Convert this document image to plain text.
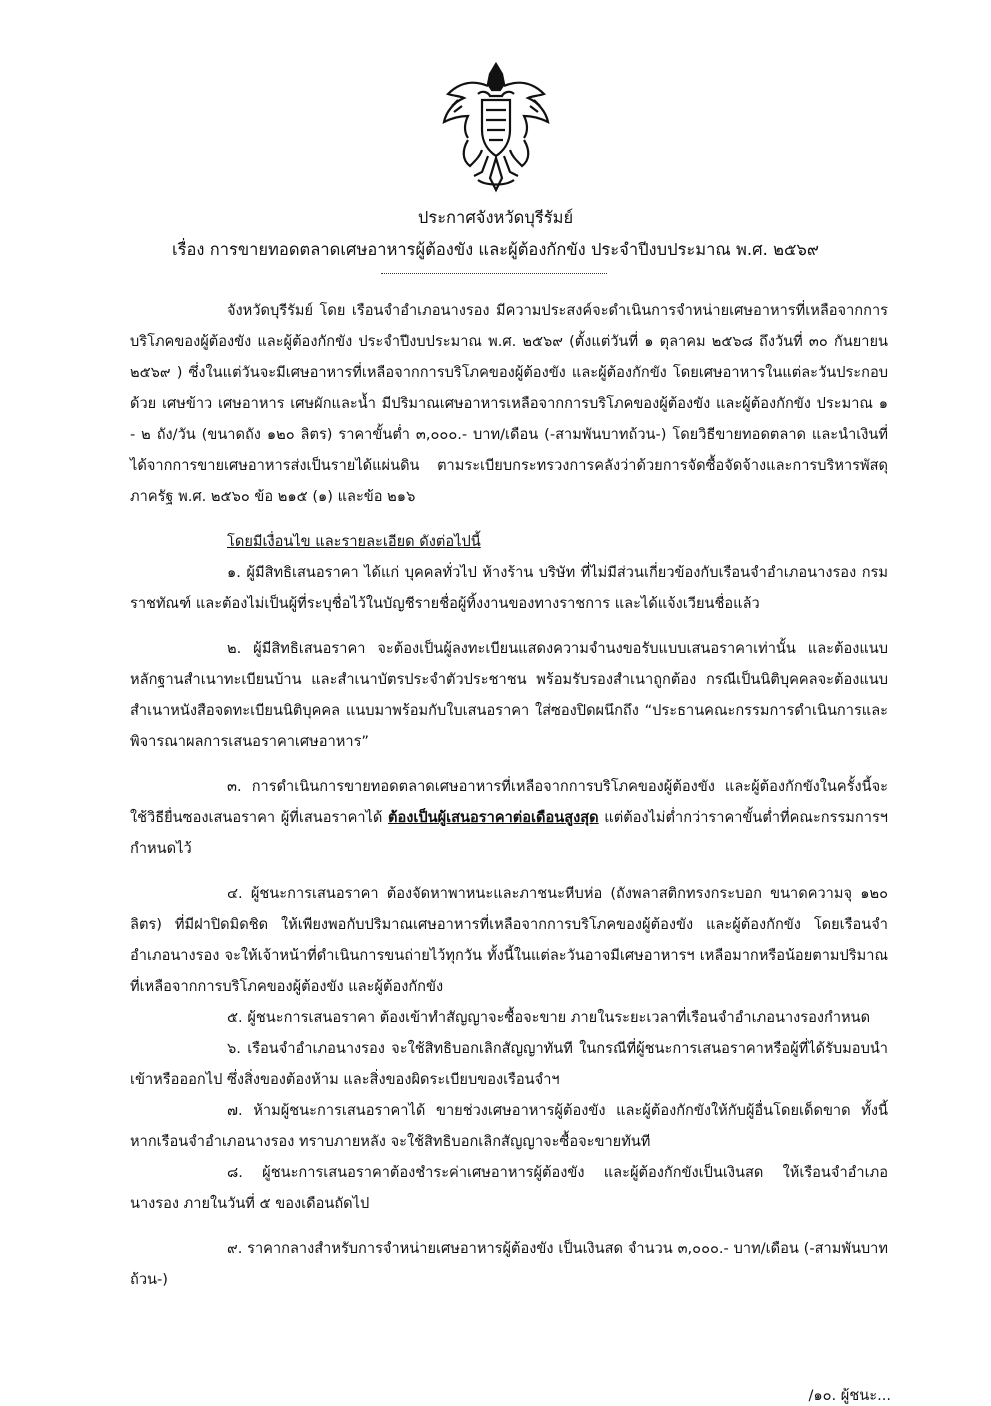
ประกาศจังหวัดบุรีรัมย์
เรื่อง การขายทอดตลาดเศษอาหารผู้ต้องขัง และผู้ต้องกักขัง ประจำปีงบประมาณ พ.ศ. ๒๕๖๙

จังหวัดบุรีรัมย์ โดย เรือนจำอำเภอนางรอง มีความประสงค์จะดำเนินการจำหน่ายเศษอาหารที่เหลือจากการบริโภคของผู้ต้องขัง และผู้ต้องกักขัง ประจำปีงบประมาณ พ.ศ. ๒๕๖๙ (ตั้งแต่วันที่ ๑ ตุลาคม ๒๕๖๘ ถึงวันที่ ๓๐ กันยายน ๒๕๖๙ ) ซึ่งในแต่วันจะมีเศษอาหารที่เหลือจากการบริโภคของผู้ต้องขัง และผู้ต้องกักขัง โดยเศษอาหารในแต่ละวันประกอบด้วย เศษข้าว เศษอาหาร เศษผักและน้ำ มีปริมาณเศษอาหารเหลือจากการบริโภคของผู้ต้องขัง และผู้ต้องกักขัง ประมาณ ๑ - ๒ ถัง/วัน (ขนาดถัง ๑๒๐ ลิตร) ราคาขั้นต่ำ ๓,๐๐๐.- บาท/เดือน (-สามพันบาทถ้วน-) โดยวิธีขายทอดตลาด และนำเงินที่ได้จากการขายเศษอาหารส่งเป็นรายได้แผ่นดิน ตามระเบียบกระทรวงการคลังว่าด้วยการจัดซื้อจัดจ้างและการบริหารพัสดุภาครัฐ พ.ศ. ๒๕๖๐ ข้อ ๒๑๕ (๑) และข้อ ๒๑๖

โดยมีเงื่อนไข และรายละเอียด ดังต่อไปนี้

๑. ผู้มีสิทธิเสนอราคา ได้แก่ บุคคลทั่วไป ห้างร้าน บริษัท ที่ไม่มีส่วนเกี่ยวข้องกับเรือนจำอำเภอนางรอง กรมราชทัณฑ์ และต้องไม่เป็นผู้ที่ระบุชื่อไว้ในบัญชีรายชื่อผู้ทิ้งงานของทางราชการ และได้แจ้งเวียนชื่อแล้ว

๒. ผู้มีสิทธิเสนอราคา จะต้องเป็นผู้ลงทะเบียนแสดงความจำนงขอรับแบบเสนอราคาเท่านั้น และต้องแนบหลักฐานสำเนาทะเบียนบ้าน และสำเนาบัตรประจำตัวประชาชน พร้อมรับรองสำเนาถูกต้อง กรณีเป็นนิติบุคคลจะต้องแนบสำเนาหนังสือจดทะเบียนนิติบุคคล แนบมาพร้อมกับใบเสนอราคา ใส่ซองปิดผนึกถึง “ประธานคณะกรรมการดำเนินการและพิจารณาผลการเสนอราคาเศษอาหาร”

๓. การดำเนินการขายทอดตลาดเศษอาหารที่เหลือจากการบริโภคของผู้ต้องขัง และผู้ต้องกักขังในครั้งนี้จะใช้วิธียื่นซองเสนอราคา ผู้ที่เสนอราคาได้ ต้องเป็นผู้เสนอราคาต่อเดือนสูงสุด แต่ต้องไม่ต่ำกว่าราคาขั้นต่ำที่คณะกรรมการฯ กำหนดไว้

๔. ผู้ชนะการเสนอราคา ต้องจัดหาพาหนะและภาชนะหีบห่อ (ถังพลาสติกทรงกระบอก ขนาดความจุ ๑๒๐ ลิตร) ที่มีฝาปิดมิดชิด ให้เพียงพอกับปริมาณเศษอาหารที่เหลือจากการบริโภคของผู้ต้องขัง และผู้ต้องกักขัง โดยเรือนจำอำเภอนางรอง จะให้เจ้าหน้าที่ดำเนินการขนถ่ายไว้ทุกวัน ทั้งนี้ในแต่ละวันอาจมีเศษอาหารฯ เหลือมากหรือน้อยตามปริมาณที่เหลือจากการบริโภคของผู้ต้องขัง และผู้ต้องกักขัง

๕. ผู้ชนะการเสนอราคา ต้องเข้าทำสัญญาจะซื้อจะขาย ภายในระยะเวลาที่เรือนจำอำเภอนางรองกำหนด

๖. เรือนจำอำเภอนางรอง จะใช้สิทธิบอกเลิกสัญญาทันที ในกรณีที่ผู้ชนะการเสนอราคาหรือผู้ที่ได้รับมอบนำเข้าหรือออกไป ซึ่งสิ่งของต้องห้าม และสิ่งของผิดระเบียบของเรือนจำฯ

๗. ห้ามผู้ชนะการเสนอราคาได้ ขายช่วงเศษอาหารผู้ต้องขัง และผู้ต้องกักขังให้กับผู้อื่นโดยเด็ดขาด ทั้งนี้หากเรือนจำอำเภอนางรอง ทราบภายหลัง จะใช้สิทธิบอกเลิกสัญญาจะซื้อจะขายทันที

๘. ผู้ชนะการเสนอราคาต้องชำระค่าเศษอาหารผู้ต้องขัง และผู้ต้องกักขังเป็นเงินสด ให้เรือนจำอำเภอนางรอง ภายในวันที่ ๕ ของเดือนถัดไป

๙. ราคากลางสำหรับการจำหน่ายเศษอาหารผู้ต้องขัง เป็นเงินสด จำนวน ๓,๐๐๐.- บาท/เดือน (-สามพันบาทถ้วน-)

/๑๐. ผู้ชนะ...
